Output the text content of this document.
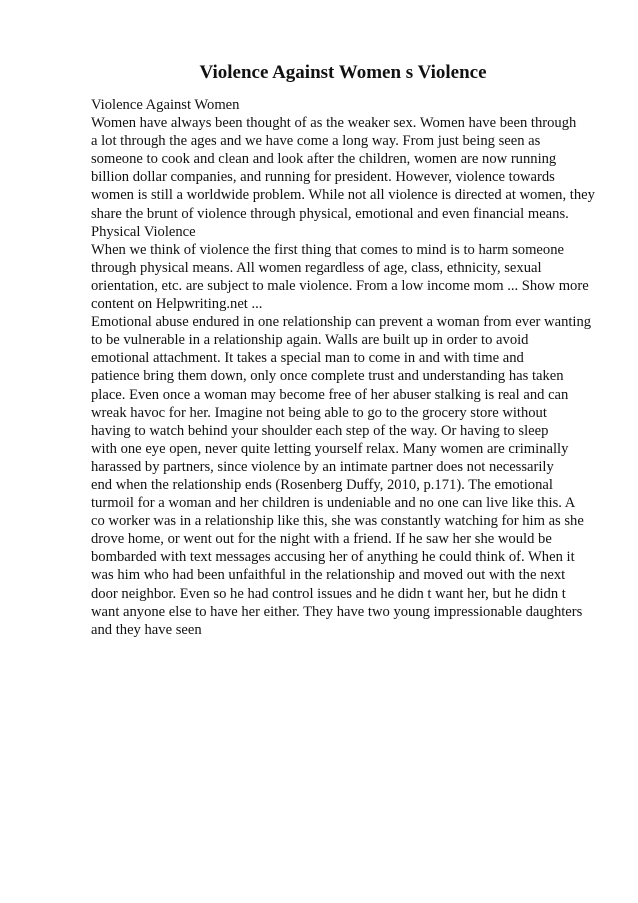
Violence Against Women s Violence
Violence Against Women
Women have always been thought of as the weaker sex. Women have been through
a lot through the ages and we have come a long way. From just being seen as
someone to cook and clean and look after the children, women are now running
billion dollar companies, and running for president. However, violence towards
women is still a worldwide problem. While not all violence is directed at women, they
share the brunt of violence through physical, emotional and even financial means.
Physical Violence
When we think of violence the first thing that comes to mind is to harm someone
through physical means. All women regardless of age, class, ethnicity, sexual
orientation, etc. are subject to male violence. From a low income mom ... Show more
content on Helpwriting.net ...
Emotional abuse endured in one relationship can prevent a woman from ever wanting
to be vulnerable in a relationship again. Walls are built up in order to avoid
emotional attachment. It takes a special man to come in and with time and
patience bring them down, only once complete trust and understanding has taken
place. Even once a woman may become free of her abuser stalking is real and can
wreak havoc for her. Imagine not being able to go to the grocery store without
having to watch behind your shoulder each step of the way. Or having to sleep
with one eye open, never quite letting yourself relax. Many women are criminally
harassed by partners, since violence by an intimate partner does not necessarily
end when the relationship ends (Rosenberg Duffy, 2010, p.171). The emotional
turmoil for a woman and her children is undeniable and no one can live like this. A
co worker was in a relationship like this, she was constantly watching for him as she
drove home, or went out for the night with a friend. If he saw her she would be
bombarded with text messages accusing her of anything he could think of. When it
was him who had been unfaithful in the relationship and moved out with the next
door neighbor. Even so he had control issues and he didn t want her, but he didn t
want anyone else to have her either. They have two young impressionable daughters
and they have seen
